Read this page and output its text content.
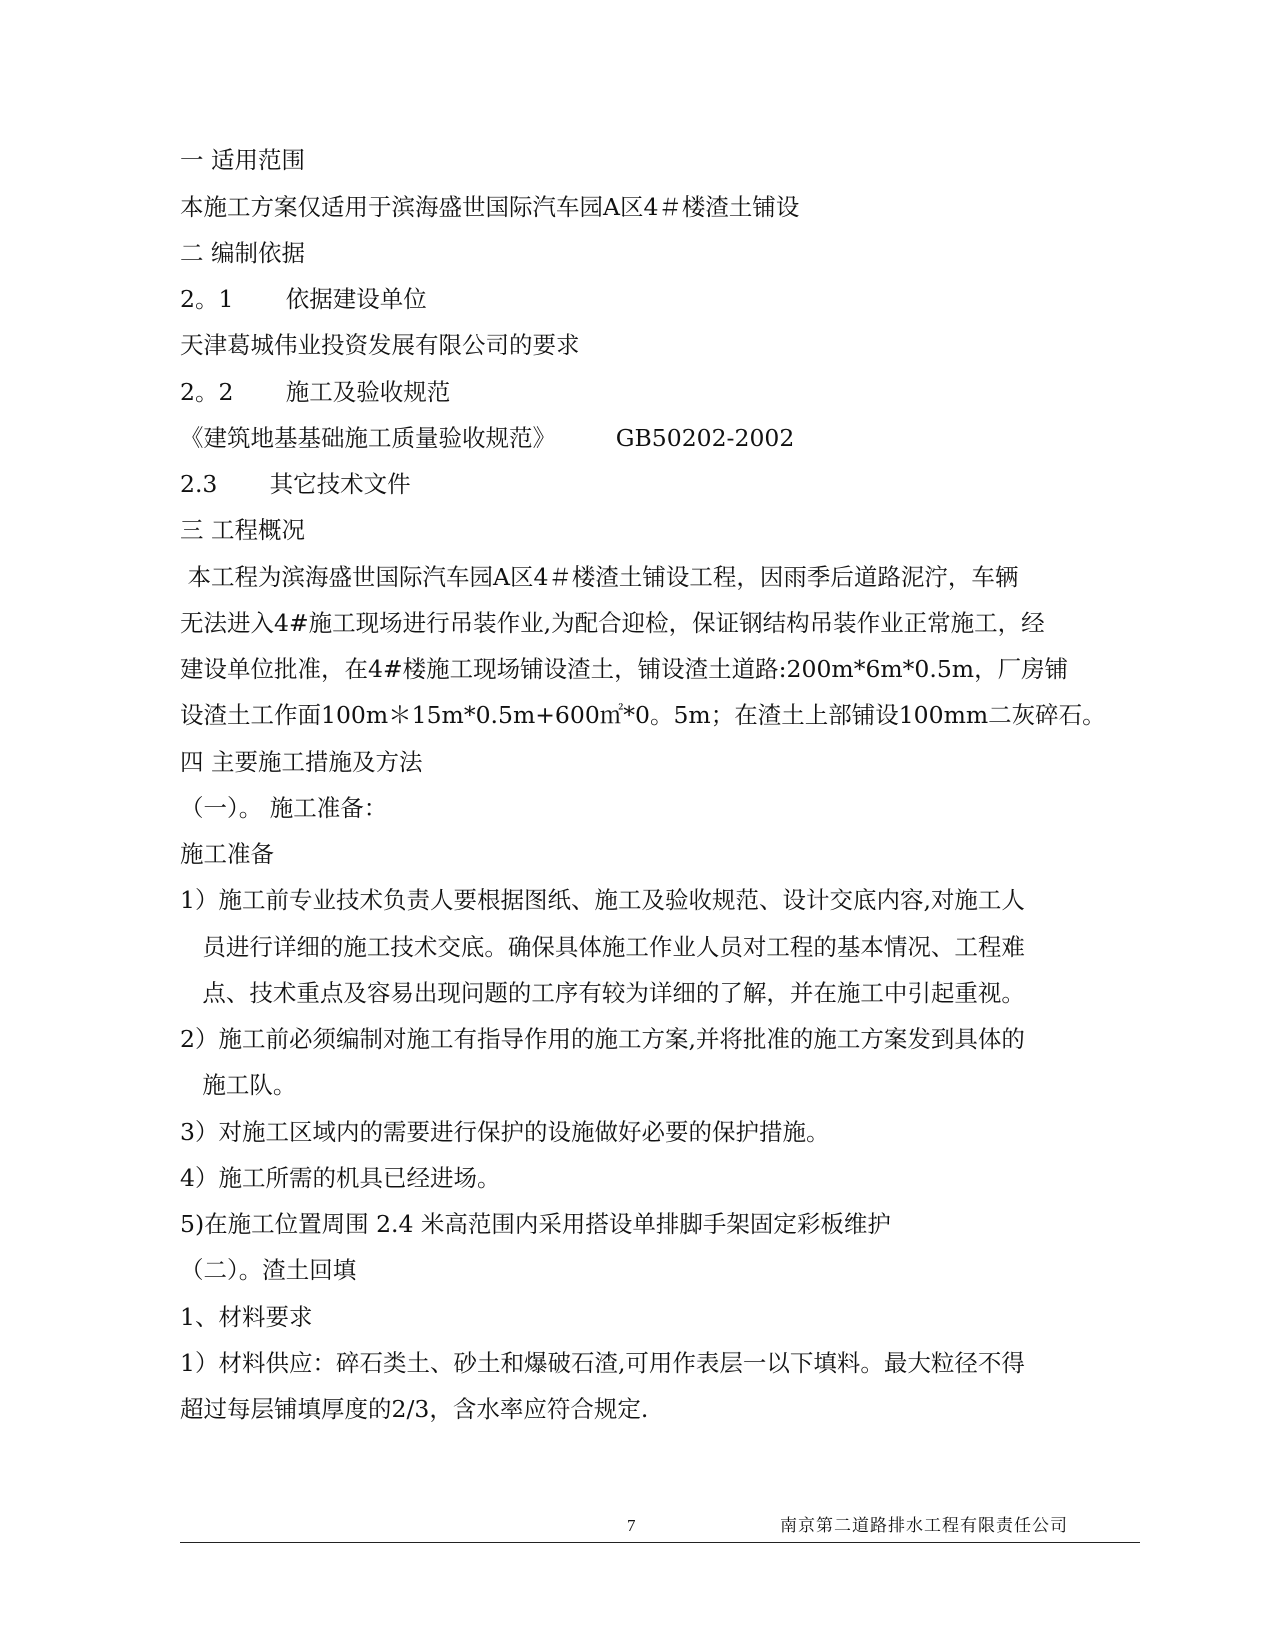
一 适用范围
本施工方案仅适用于滨海盛世国际汽车园A区4＃楼渣土铺设
二 编制依据
2。1       依据建设单位
天津葛城伟业投资发展有限公司的要求
2。2       施工及验收规范
《建筑地基基础施工质量验收规范》        GB50202-2002
2.3       其它技术文件
三 工程概况
本工程为滨海盛世国际汽车园A区4＃楼渣土铺设工程，因雨季后道路泥泞，车辆
无法进入4#施工现场进行吊装作业,为配合迎检，保证钢结构吊装作业正常施工，经
建设单位批准，在4#楼施工现场铺设渣土，铺设渣土道路:200m*6m*0.5m，厂房铺
设渣土工作面100m＊15m*0.5m+600㎡*0。5m；在渣土上部铺设100mm二灰碎石。
四 主要施工措施及方法
（一）。 施工准备：
施工准备
1）施工前专业技术负责人要根据图纸、施工及验收规范、设计交底内容,对施工人
员进行详细的施工技术交底。确保具体施工作业人员对工程的基本情况、工程难
点、技术重点及容易出现问题的工序有较为详细的了解，并在施工中引起重视。
2）施工前必须编制对施工有指导作用的施工方案,并将批准的施工方案发到具体的
施工队。
3）对施工区域内的需要进行保护的设施做好必要的保护措施。
4）施工所需的机具已经进场。
5)在施工位置周围 2.4 米高范围内采用搭设单排脚手架固定彩板维护
（二）。渣土回填
1、材料要求
1）材料供应：碎石类土、砂土和爆破石渣,可用作表层一以下填料。最大粒径不得
超过每层铺填厚度的2/3，含水率应符合规定.
7	南京第二道路排水工程有限责任公司
